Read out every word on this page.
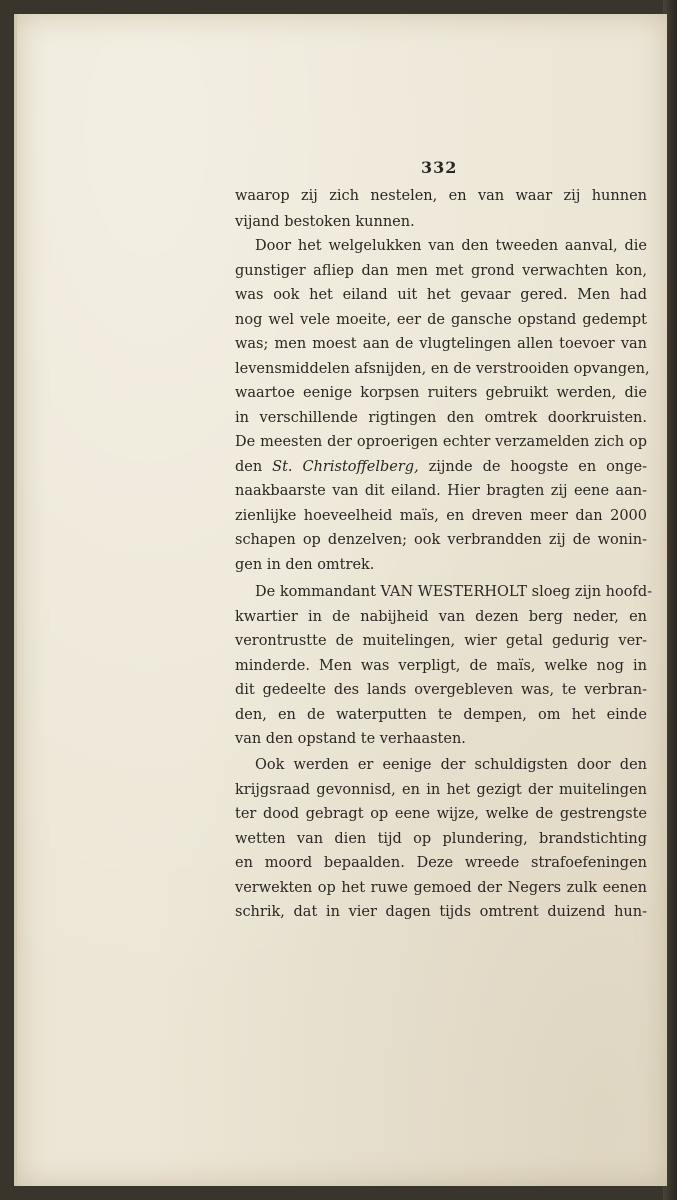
332
waarop zij zich nestelen, en van waar zij hunnen
vijand bestoken kunnen.
Door het welgelukken van den tweeden aanval, die
gunstiger afliep dan men met grond verwachten kon,
was ook het eiland uit het gevaar gered. Men had
nog wel vele moeite, eer de gansche opstand gedempt
was; men moest aan de vlugtelingen allen toevoer van
levensmiddelen afsnijden, en de verstrooiden opvangen,
waartoe eenige korpsen ruiters gebruikt werden, die
in verschillende rigtingen den omtrek doorkruisten.
De meesten der oproerigen echter verzamelden zich op
den St. Christoffelberg, zijnde de hoogste en onge-
naakbaarste van dit eiland. Hier bragten zij eene aan-
zienlijke hoeveelheid maïs, en dreven meer dan 2000
schapen op denzelven; ook verbrandden zij de wonin-
gen in den omtrek.
De kommandant VAN WESTERHOLT sloeg zijn hoofd-
kwartier in de nabijheid van dezen berg neder, en
verontrustte de muitelingen, wier getal gedurig ver-
minderde. Men was verpligt, de maïs, welke nog in
dit gedeelte des lands overgebleven was, te verbran-
den, en de waterputten te dempen, om het einde
van den opstand te verhaasten.
Ook werden er eenige der schuldigsten door den
krijgsraad gevonnisd, en in het gezigt der muitelingen
ter dood gebragt op eene wijze, welke de gestrengste
wetten van dien tijd op plundering, brandstichting
en moord bepaalden. Deze wreede strafoefeningen
verwekten op het ruwe gemoed der Negers zulk eenen
schrik, dat in vier dagen tijds omtrent duizend hun-
